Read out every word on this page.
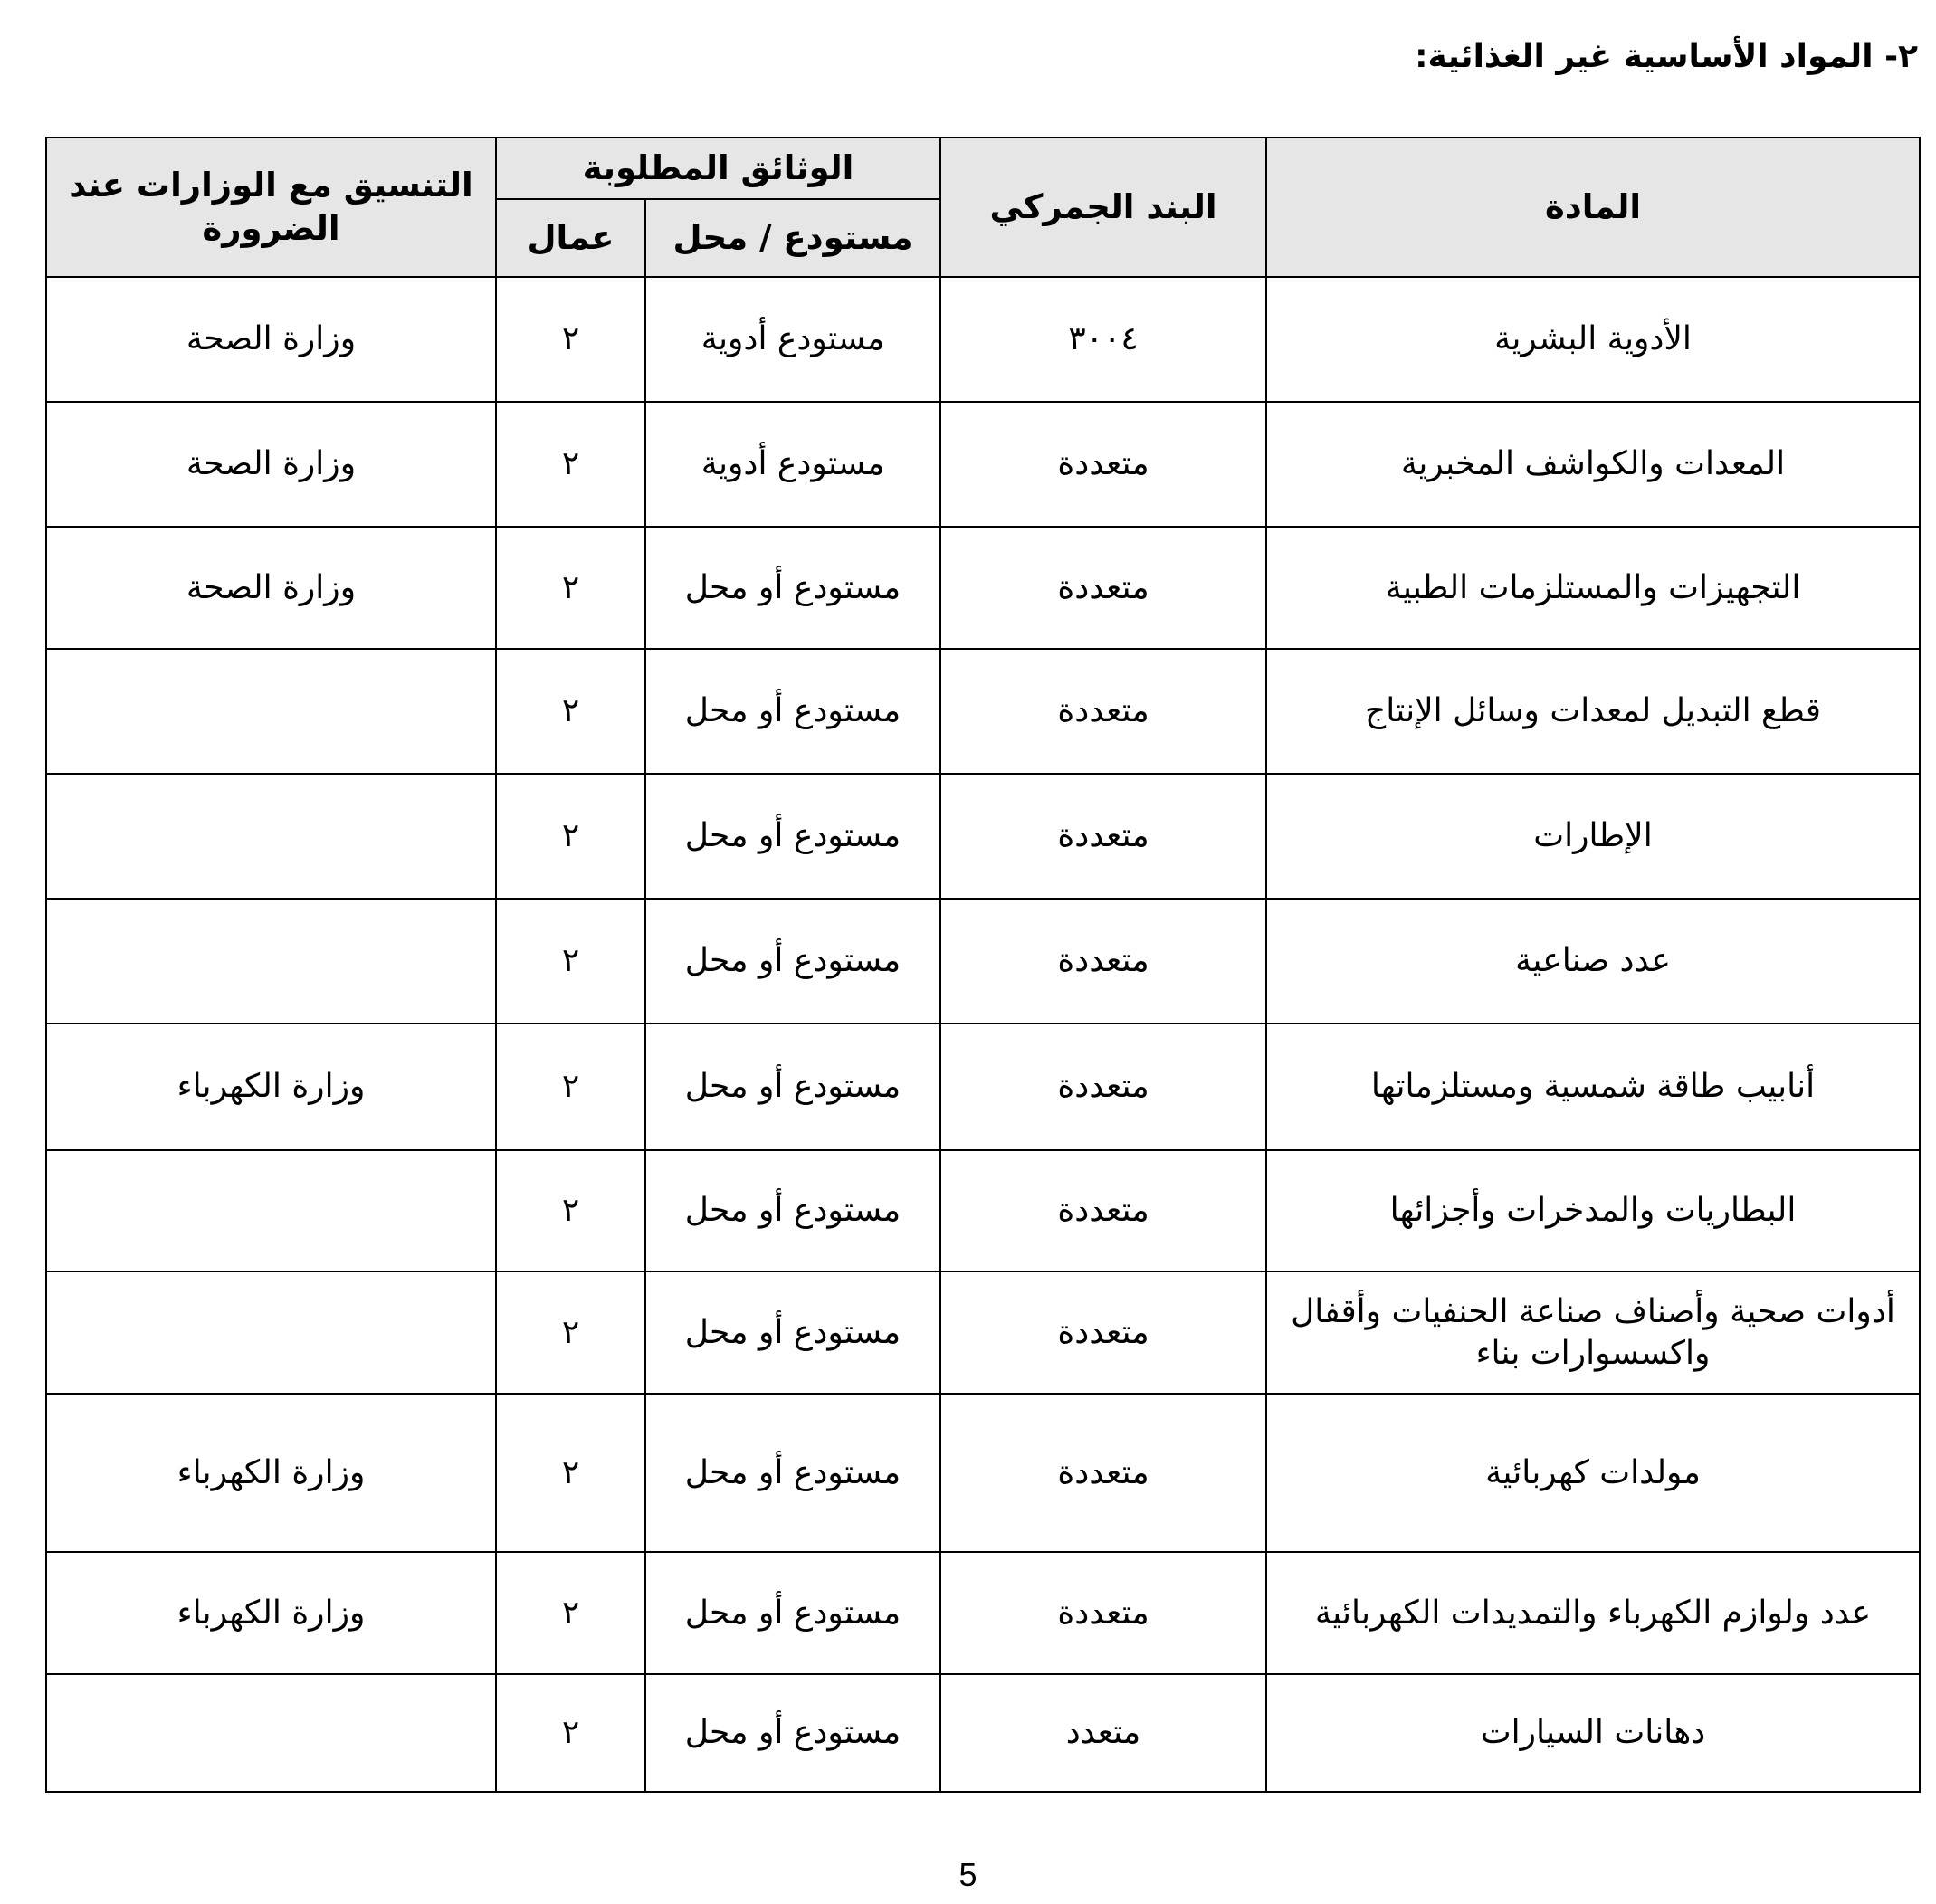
٢- المواد الأساسية غير الغذائية:
المادة	البند الجمركي	الوثائق المطلوبة		التنسيق مع الوزارات عند الضرورة
		مستودع / محل	عمال	
الأدوية البشرية	٣٠٠٤	مستودع أدوية	٢	وزارة الصحة
المعدات والكواشف المخبرية	متعددة	مستودع أدوية	٢	وزارة الصحة
التجهيزات والمستلزمات الطبية	متعددة	مستودع أو محل	٢	وزارة الصحة
قطع التبديل لمعدات وسائل الإنتاج	متعددة	مستودع أو محل	٢	
الإطارات	متعددة	مستودع أو محل	٢	
عدد صناعية	متعددة	مستودع أو محل	٢	
أنابيب طاقة شمسية ومستلزماتها	متعددة	مستودع أو محل	٢	وزارة الكهرباء
البطاريات والمدخرات وأجزائها	متعددة	مستودع أو محل	٢	
أدوات صحية وأصناف صناعة الحنفيات وأقفال واكسسوارات بناء	متعددة	مستودع أو محل	٢	
مولدات كهربائية	متعددة	مستودع أو محل	٢	وزارة الكهرباء
عدد ولوازم الكهرباء والتمديدات الكهربائية	متعددة	مستودع أو محل	٢	وزارة الكهرباء
دهانات السيارات	متعدد	مستودع أو محل	٢	
5
